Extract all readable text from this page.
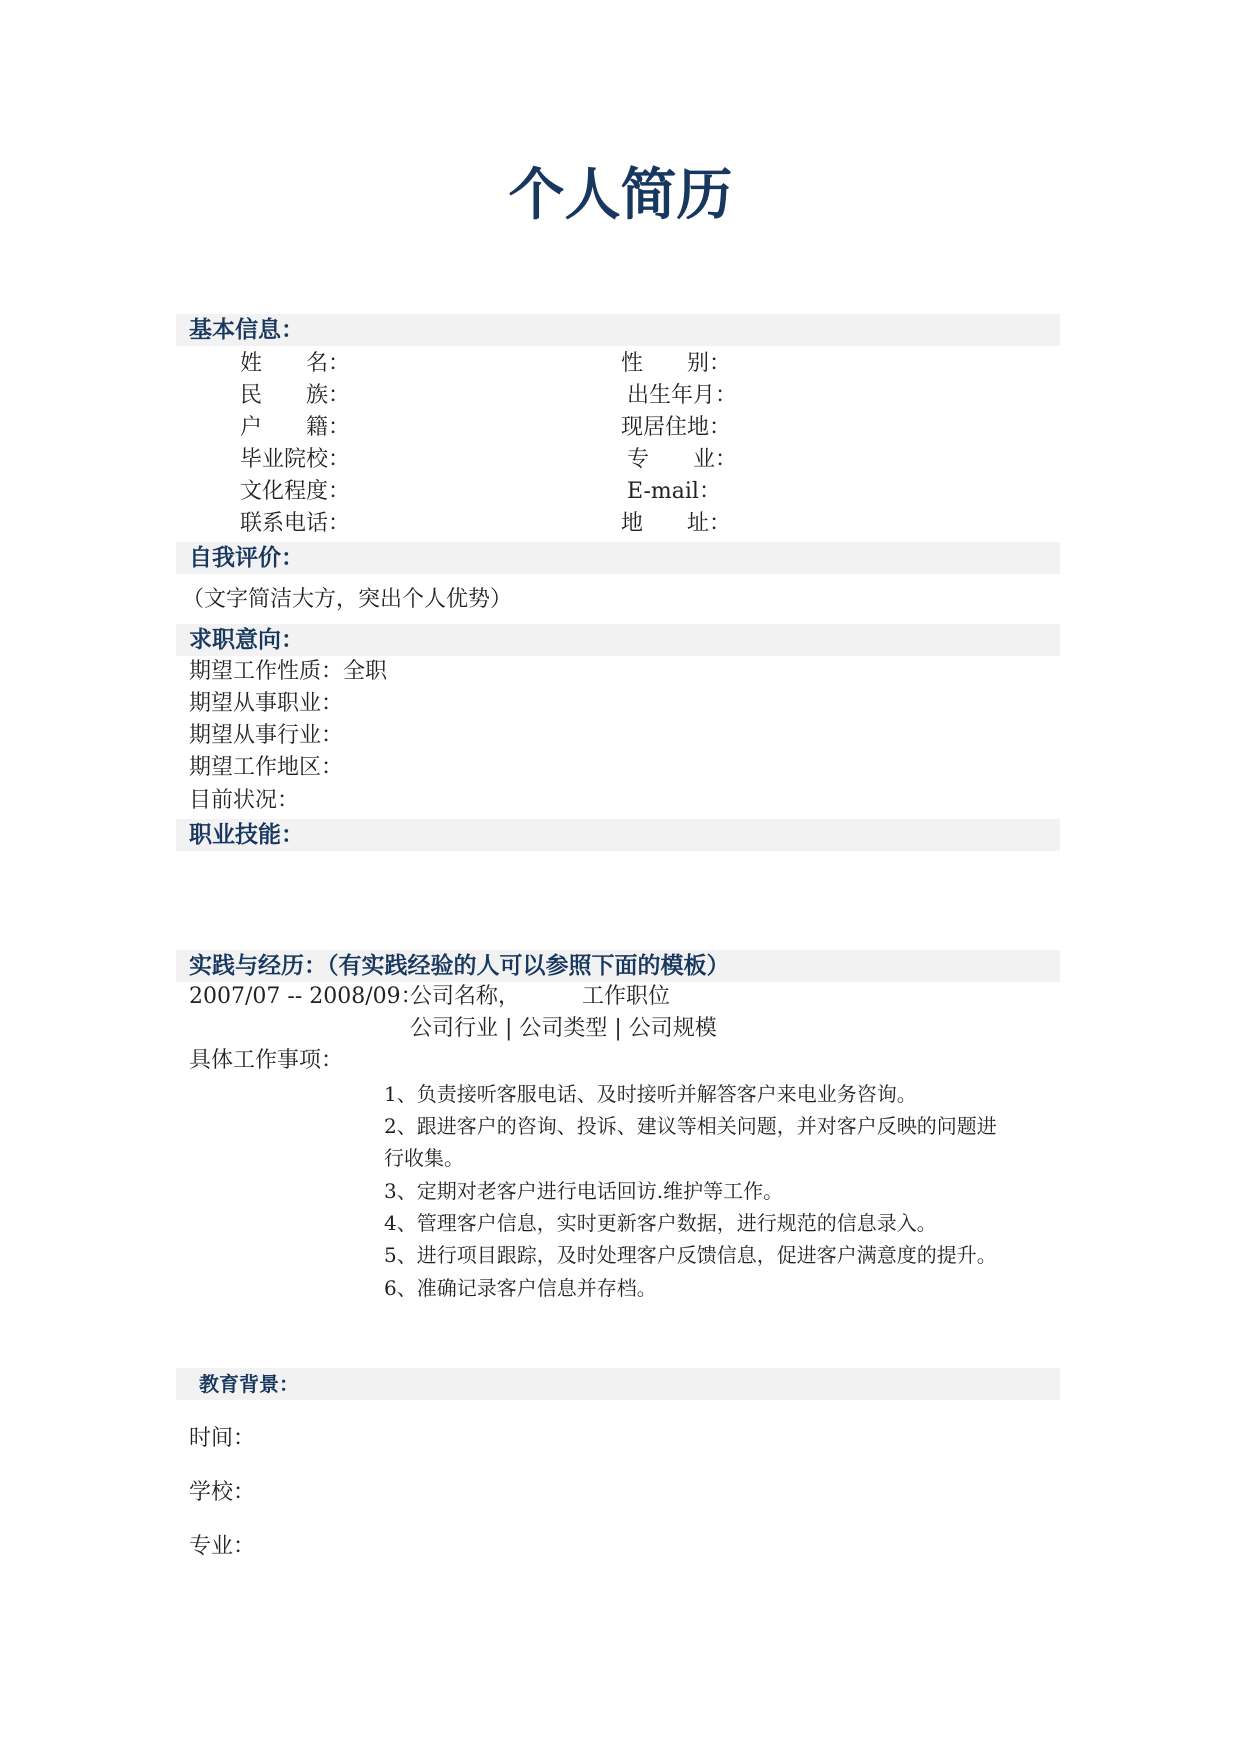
个人简历
基本信息：
姓　　名：
民　　族：
户　　籍：
毕业院校：
文化程度：
联系电话：
性　　别：
出生年月：
现居住地：
专　　业：
E-mail：
地　　址：
自我评价：
（文字简洁大方，突出个人优势）
求职意向：
期望工作性质：全职
期望从事职业：
期望从事行业：
期望工作地区：
目前状况：
职业技能：
实践与经历：（有实践经验的人可以参照下面的模板）
2007/07 -- 2008/09：
公司名称，	工作职位
公司行业 | 公司类型 | 公司规模
具体工作事项：
1、负责接听客服电话、及时接听并解答客户来电业务咨询。
2、跟进客户的咨询、投诉、建议等相关问题，并对客户反映的问题进
行收集。
3、定期对老客户进行电话回访.维护等工作。
4、管理客户信息，实时更新客户数据，进行规范的信息录入。
5、进行项目跟踪，及时处理客户反馈信息，促进客户满意度的提升。
6、准确记录客户信息并存档。
教育背景：
时间：
学校：
专业：
